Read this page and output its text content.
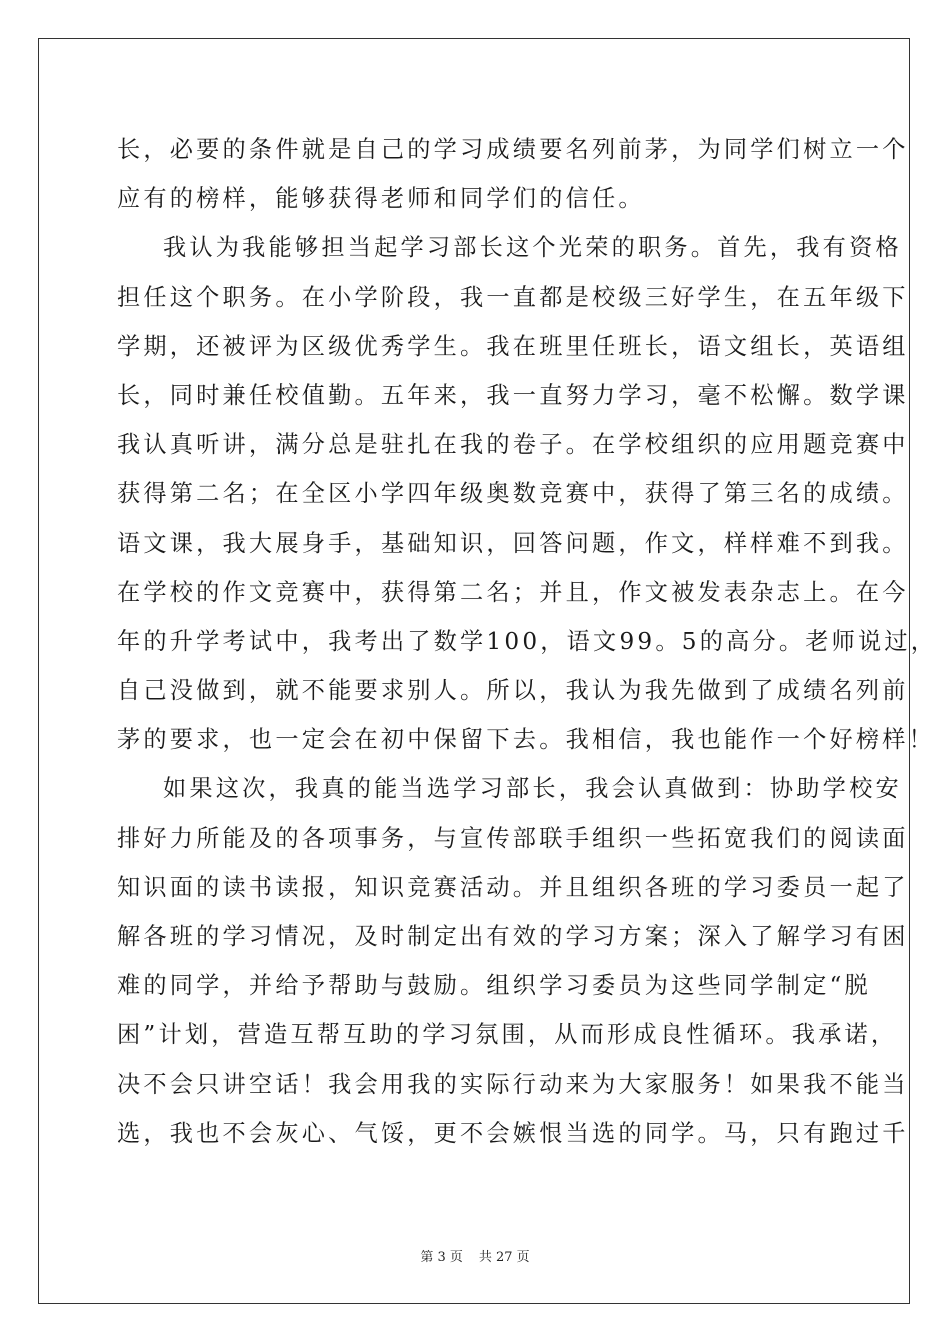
长，必要的条件就是自己的学习成绩要名列前茅，为同学们树立一个
应有的榜样，能够获得老师和同学们的信任。
我认为我能够担当起学习部长这个光荣的职务。首先，我有资格
担任这个职务。在小学阶段，我一直都是校级三好学生，在五年级下
学期，还被评为区级优秀学生。我在班里任班长，语文组长，英语组
长，同时兼任校值勤。五年来，我一直努力学习，毫不松懈。数学课
我认真听讲，满分总是驻扎在我的卷子。在学校组织的应用题竞赛中
获得第二名；在全区小学四年级奥数竞赛中，获得了第三名的成绩。
语文课，我大展身手，基础知识，回答问题，作文，样样难不到我。
在学校的作文竞赛中，获得第二名；并且，作文被发表杂志上。在今
年的升学考试中，我考出了数学100，语文99。5的高分。老师说过，
自己没做到，就不能要求别人。所以，我认为我先做到了成绩名列前
茅的要求，也一定会在初中保留下去。我相信，我也能作一个好榜样！
如果这次，我真的能当选学习部长，我会认真做到：协助学校安
排好力所能及的各项事务，与宣传部联手组织一些拓宽我们的阅读面
知识面的读书读报，知识竞赛活动。并且组织各班的学习委员一起了
解各班的学习情况，及时制定出有效的学习方案；深入了解学习有困
难的同学，并给予帮助与鼓励。组织学习委员为这些同学制定“脱
困”计划，营造互帮互助的学习氛围，从而形成良性循环。我承诺，
决不会只讲空话！我会用我的实际行动来为大家服务！如果我不能当
选，我也不会灰心、气馁，更不会嫉恨当选的同学。马，只有跑过千
第 3 页 共 27 页
